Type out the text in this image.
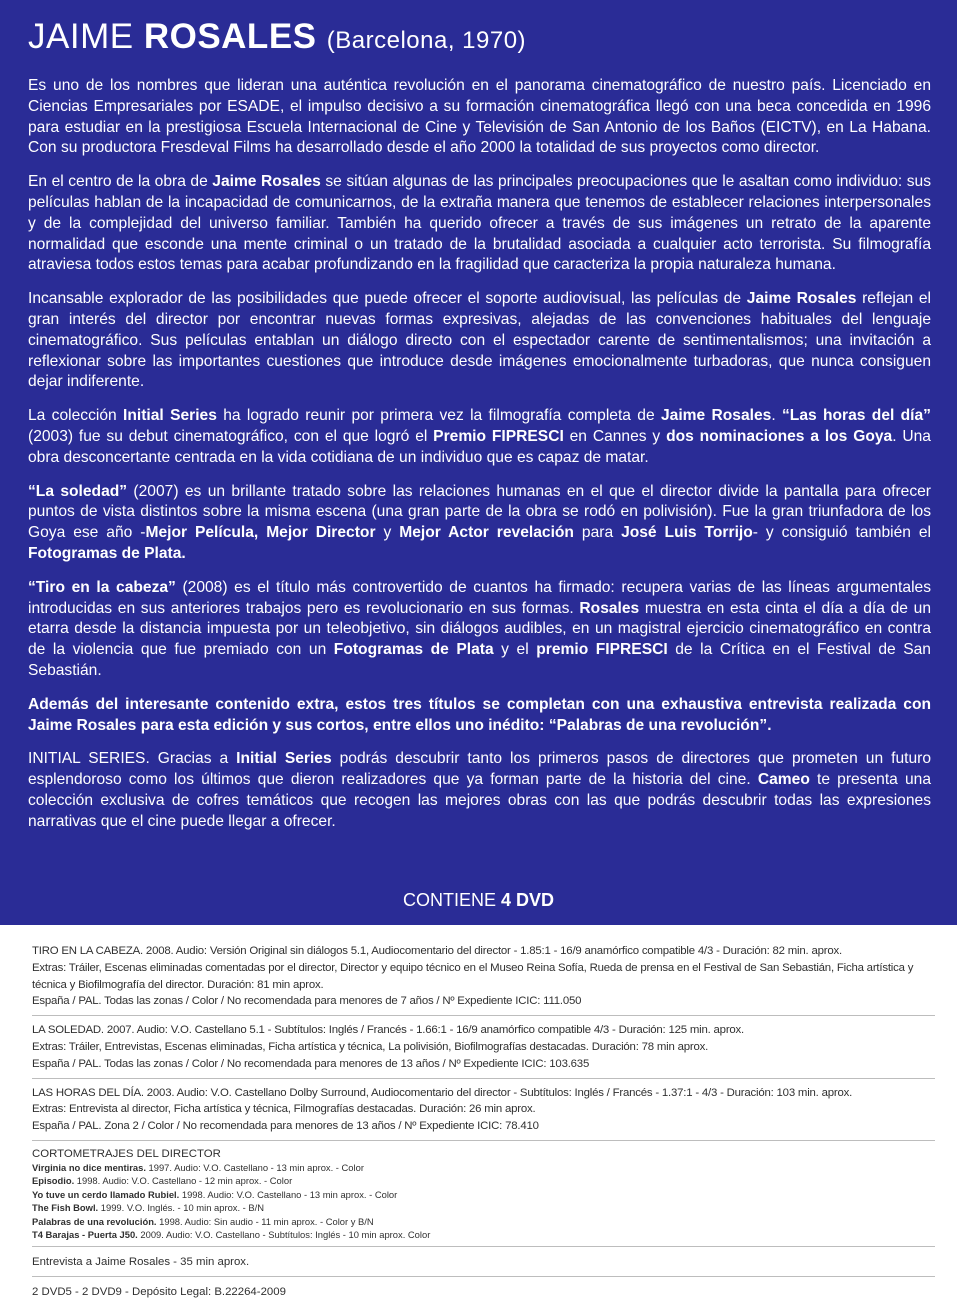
JAIME ROSALES (Barcelona, 1970)

Es uno de los nombres que lideran una auténtica revolución en el panorama cinematográfico de nuestro país. Licenciado en Ciencias Empresariales por ESADE, el impulso decisivo a su formación cinematográfica llegó con una beca concedida en 1996 para estudiar en la prestigiosa Escuela Internacional de Cine y Televisión de San Antonio de los Baños (EICTV), en La Habana. Con su productora Fresdeval Films ha desarrollado desde el año 2000 la totalidad de sus proyectos como director.

En el centro de la obra de Jaime Rosales se sitúan algunas de las principales preocupaciones que le asaltan como individuo: sus películas hablan de la incapacidad de comunicarnos, de la extraña manera que tenemos de establecer relaciones interpersonales y de la complejidad del universo familiar. También ha querido ofrecer a través de sus imágenes un retrato de la aparente normalidad que esconde una mente criminal o un tratado de la brutalidad asociada a cualquier acto terrorista. Su filmografía atraviesa todos estos temas para acabar profundizando en la fragilidad que caracteriza la propia naturaleza humana.

Incansable explorador de las posibilidades que puede ofrecer el soporte audiovisual, las películas de Jaime Rosales reflejan el gran interés del director por encontrar nuevas formas expresivas, alejadas de las convenciones habituales del lenguaje cinematográfico. Sus películas entablan un diálogo directo con el espectador carente de sentimentalismos; una invitación a reflexionar sobre las importantes cuestiones que introduce desde imágenes emocionalmente turbadoras, que nunca consiguen dejar indiferente.

La colección Initial Series ha logrado reunir por primera vez la filmografía completa de Jaime Rosales. “Las horas del día” (2003) fue su debut cinematográfico, con el que logró el Premio FIPRESCI en Cannes y dos nominaciones a los Goya. Una obra desconcertante centrada en la vida cotidiana de un individuo que es capaz de matar.

“La soledad” (2007) es un brillante tratado sobre las relaciones humanas en el que el director divide la pantalla para ofrecer puntos de vista distintos sobre la misma escena (una gran parte de la obra se rodó en polivisión). Fue la gran triunfadora de los Goya ese año -Mejor Película, Mejor Director y Mejor Actor revelación para José Luis Torrijo- y consiguió también el Fotogramas de Plata.

“Tiro en la cabeza” (2008) es el título más controvertido de cuantos ha firmado: recupera varias de las líneas argumentales introducidas en sus anteriores trabajos pero es revolucionario en sus formas. Rosales muestra en esta cinta el día a día de un etarra desde la distancia impuesta por un teleobjetivo, sin diálogos audibles, en un magistral ejercicio cinematográfico en contra de la violencia que fue premiado con un Fotogramas de Plata y el premio FIPRESCI de la Crítica en el Festival de San Sebastián.

Además del interesante contenido extra, estos tres títulos se completan con una exhaustiva entrevista realizada con Jaime Rosales para esta edición y sus cortos, entre ellos uno inédito: “Palabras de una revolución”.

INITIAL SERIES. Gracias a Initial Series podrás descubrir tanto los primeros pasos de directores que prometen un futuro esplendoroso como los últimos que dieron realizadores que ya forman parte de la historia del cine. Cameo te presenta una colección exclusiva de cofres temáticos que recogen las mejores obras con las que podrás descubrir todas las expresiones narrativas que el cine puede llegar a ofrecer.

CONTIENE 4 DVD
TIRO EN LA CABEZA. 2008. Audio: Versión Original sin diálogos 5.1, Audiocomentario del director - 1.85:1 - 16/9 anamórfico compatible 4/3 - Duración: 82 min. aprox.
Extras: Tráiler, Escenas eliminadas comentadas por el director, Director y equipo técnico en el Museo Reina Sofía, Rueda de prensa en el Festival de San Sebastián, Ficha artística y técnica y Biofilmografía del director. Duración: 81 min aprox.
España / PAL. Todas las zonas / Color / No recomendada para menores de 7 años / Nº Expediente ICIC: 111.050
LA SOLEDAD. 2007. Audio: V.O. Castellano 5.1 - Subtítulos: Inglés / Francés - 1.66:1 - 16/9 anamórfico compatible 4/3 - Duración: 125 min. aprox.
Extras: Tráiler, Entrevistas, Escenas eliminadas, Ficha artística y técnica, La polivisión, Biofilmografías destacadas. Duración: 78 min aprox.
España / PAL. Todas las zonas / Color / No recomendada para menores de 13 años / Nº Expediente ICIC: 103.635
LAS HORAS DEL DÍA. 2003. Audio: V.O. Castellano Dolby Surround, Audiocomentario del director - Subtítulos: Inglés / Francés - 1.37:1 - 4/3 - Duración: 103 min. aprox.
Extras: Entrevista al director, Ficha artística y técnica, Filmografías destacadas. Duración: 26 min aprox.
España / PAL. Zona 2 / Color / No recomendada para menores de 13 años / Nº Expediente ICIC: 78.410
CORTOMETRAJES DEL DIRECTOR
Virginia no dice mentiras. 1997. Audio: V.O. Castellano - 13 min aprox. - Color
Episodio. 1998. Audio: V.O. Castellano - 12 min aprox. - Color
Yo tuve un cerdo llamado Rubiel. 1998. Audio: V.O. Castellano - 13 min aprox. - Color
The Fish Bowl. 1999. V.O. Inglés. - 10 min aprox. - B/N
Palabras de una revolución. 1998. Audio: Sin audio - 11 min aprox. - Color y B/N
T4 Barajas - Puerta J50. 2009. Audio: V.O. Castellano - Subtítulos: Inglés - 10 min aprox. Color
Entrevista a Jaime Rosales - 35 min aprox.
2 DVD5 - 2 DVD9 - Depósito Legal: B.22264-2009
